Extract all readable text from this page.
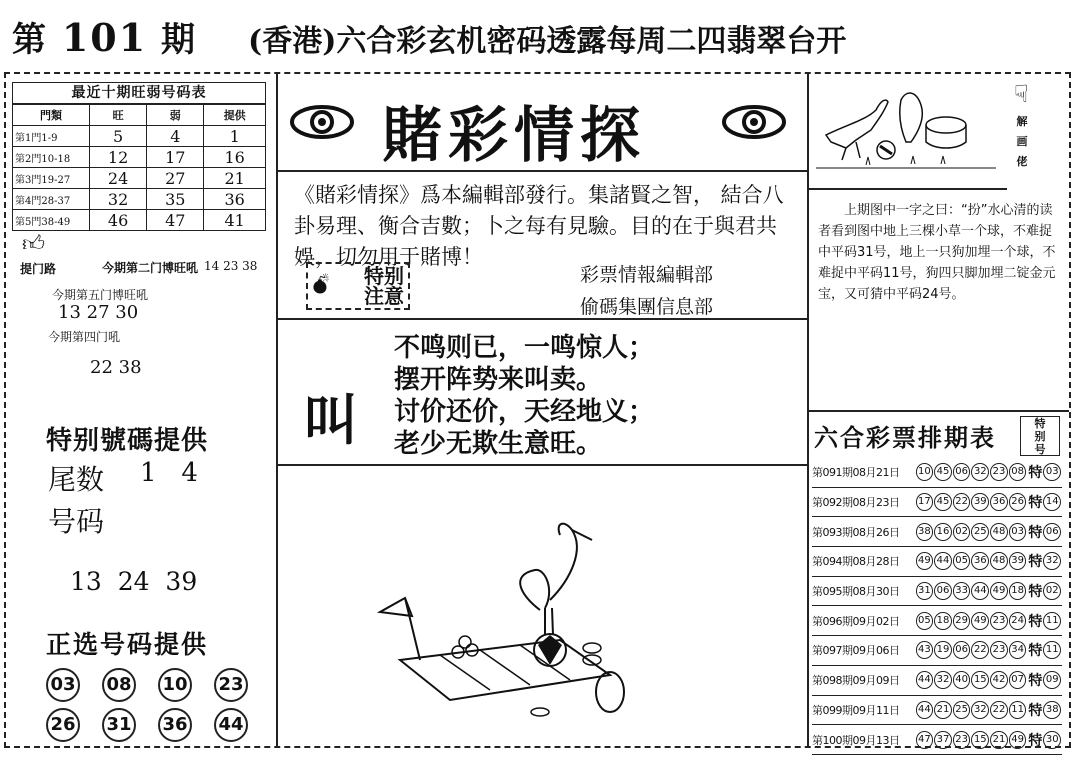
第 101 期 (香港)六合彩玄机密码透露每周二四翡翠台开
最近十期旺弱号码表
門類	旺	弱	提供
第1門1-9	5	4	1
第2門10-18	12	17	16
第3門19-27	24	27	21
第4門28-37	32	35	36
第5門38-49	46	47	41
👍︎
提门路	今期第二门博旺吼 14 23 38
今期第五门博旺吼
13 27 30
今期第四门吼
22 38
特别號碼提供
尾数 1   4
号码
13  24  39
正选号码提供
03 08 10 23
26 31 36 44
賭彩情探
《賭彩情探》爲本編輯部發行。集諸賢之智， 結合八卦易理、衡合吉數；卜之每有見驗。目的在于與君共娛，切勿用于賭博！
💣︎ 特别
注意
彩票情報編輯部
偷碼集團信息部
叫
不鸣则已，一鸣惊人；
摆开阵势来叫卖。
讨价还价，天经地义；
老少无欺生意旺。
☟︎
解
画
佬
上期图中一字之曰：“扮”水心清的读者看到图中地上三棵小草一个球，不难捉中平码31号，地上一只狗加埋一个球，不难捉中平码11号，狗四只脚加埋二锭金元宝，又可猜中平码24号。
六合彩票排期表	特
别
号
第091期08月21日	10 45 06 32 23 08 特 03
第092期08月23日	17 45 22 39 36 26 特 14
第093期08月26日	38 16 02 25 48 03 特 06
第094期08月28日	49 44 05 36 48 39 特 32
第095期08月30日	31 06 33 44 49 18 特 02
第096期09月02日	05 18 29 49 23 24 特 11
第097期09月06日	43 19 06 22 23 34 特 11
第098期09月09日	44 32 40 15 42 07 特 09
第099期09月11日	44 21 25 32 22 11 特 38
第100期09月13日	47 37 23 15 21 49 特 30
